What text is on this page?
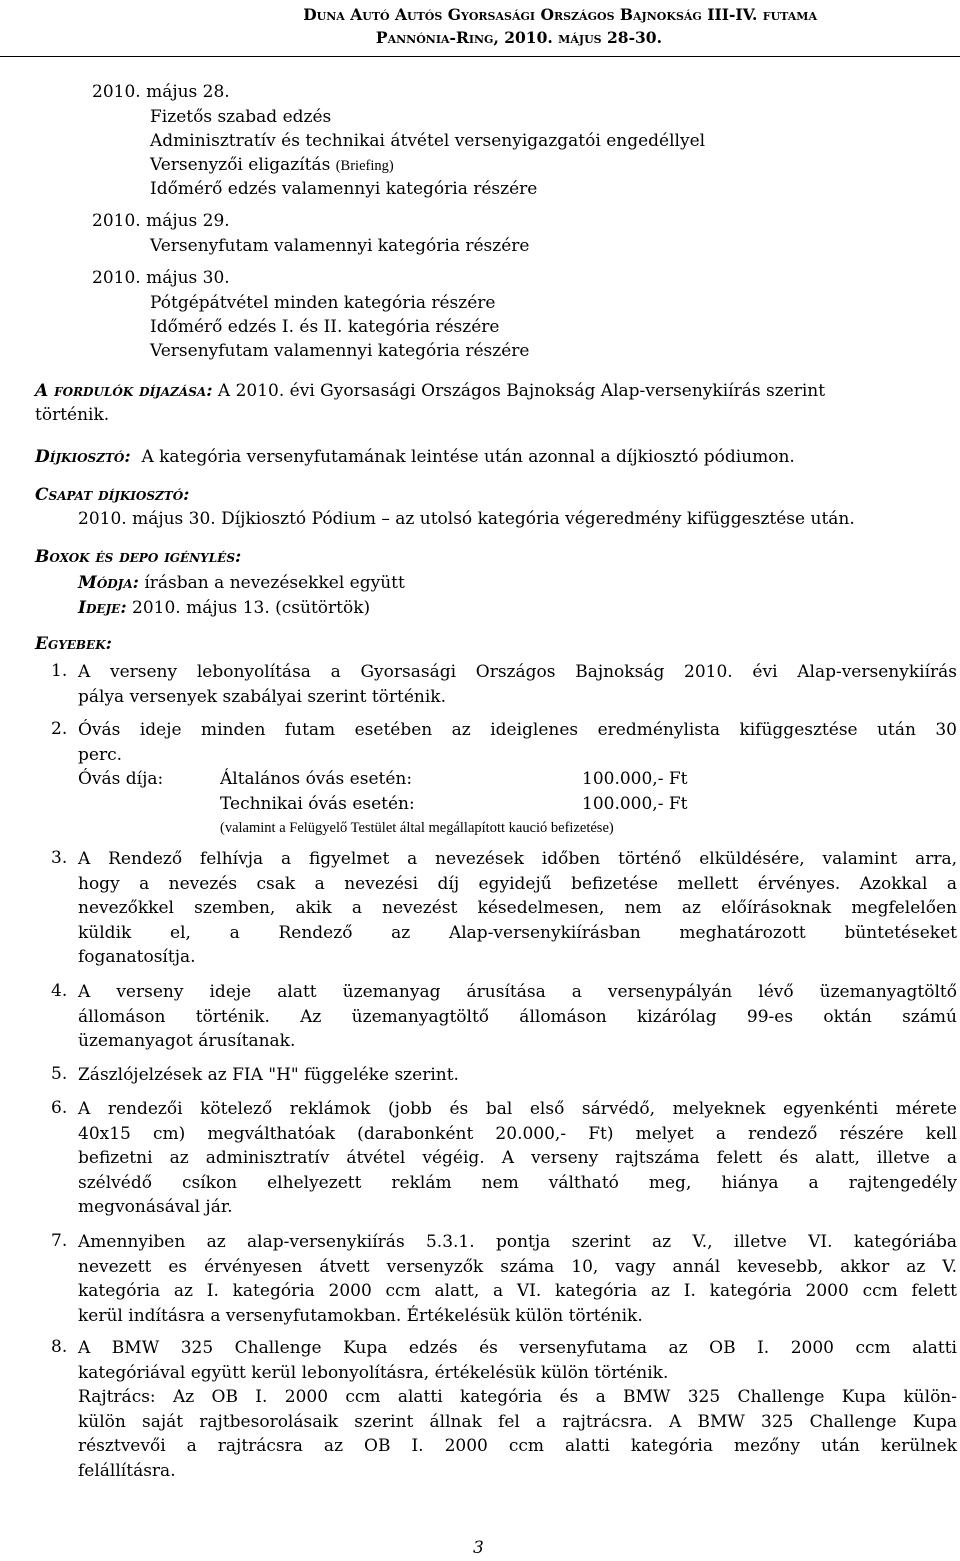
Duna Autó Autós Gyorsasági Országos Bajnokság III-IV. futama
Pannónia-Ring, 2010. május 28-30.
2010. május 28.
Fizetős szabad edzés
Adminisztratív és technikai átvétel versenyigazgatói engedéllyel
Versenyzői eligazítás (Briefing)
Időmérő edzés valamennyi kategória részére
2010. május 29.
Versenyfutam valamennyi kategória részére
2010. május 30.
Pótgépátvétel minden kategória részére
Időmérő edzés I. és II. kategória részére
Versenyfutam valamennyi kategória részére
A fordulók díjazása: A 2010. évi Gyorsasági Országos Bajnokság Alap-versenykiírás szerint
történik.
Díjkiosztó: A kategória versenyfutamának leintése után azonnal a díjkiosztó pódiumon.
Csapat díjkiosztó:
2010. május 30. Díjkiosztó Pódium – az utolsó kategória végeredmény kifüggesztése után.
Boxok és depo igénylés:
Módja: írásban a nevezésekkel együtt
Ideje: 2010. május 13. (csütörtök)
Egyebek:
1. A verseny lebonyolítása a Gyorsasági Országos Bajnokság 2010. évi Alap-versenykiírás
pálya versenyek szabályai szerint történik.
2. Óvás ideje minden futam esetében az ideiglenes eredménylista kifüggesztése után 30
perc.
Óvás díja:	Általános óvás esetén:	100.000,- Ft
Technikai óvás esetén:	100.000,- Ft
(valamint a Felügyelő Testület által megállapított kaució befizetése)
3. A Rendező felhívja a figyelmet a nevezések időben történő elküldésére, valamint arra,
hogy a nevezés csak a nevezési díj egyidejű befizetése mellett érvényes. Azokkal a
nevezőkkel szemben, akik a nevezést késedelmesen, nem az előírásoknak megfelelően
küldik el, a Rendező az Alap-versenykiírásban meghatározott büntetéseket
foganatosítja.
4. A verseny ideje alatt üzemanyag árusítása a versenypályán lévő üzemanyagtöltő
állomáson történik. Az üzemanyagtöltő állomáson kizárólag 99-es oktán számú
üzemanyagot árusítanak.
5. Zászlójelzések az FIA "H" függeléke szerint.
6. A rendezői kötelező reklámok (jobb és bal első sárvédő, melyeknek egyenkénti mérete
40x15 cm) megválthatóak (darabonként 20.000,- Ft) melyet a rendező részére kell
befizetni az adminisztratív átvétel végéig. A verseny rajtszáma felett és alatt, illetve a
szélvédő csíkon elhelyezett reklám nem váltható meg, hiánya a rajtengedély
megvonásával jár.
7. Amennyiben az alap-versenykiírás 5.3.1. pontja szerint az V., illetve VI. kategóriába
nevezett es érvényesen átvett versenyzők száma 10, vagy annál kevesebb, akkor az V.
kategória az I. kategória 2000 ccm alatt, a VI. kategória az I. kategória 2000 ccm felett
kerül indításra a versenyfutamokban. Értékelésük külön történik.
8. A BMW 325 Challenge Kupa edzés és versenyfutama az OB I. 2000 ccm alatti
kategóriával együtt kerül lebonyolításra, értékelésük külön történik.
Rajtrács: Az OB I. 2000 ccm alatti kategória és a BMW 325 Challenge Kupa külön-
külön saját rajtbesorolásaik szerint állnak fel a rajtrácsra. A BMW 325 Challenge Kupa
résztvevői a rajtrácsra az OB I. 2000 ccm alatti kategória mezőny után kerülnek
felállításra.
3
